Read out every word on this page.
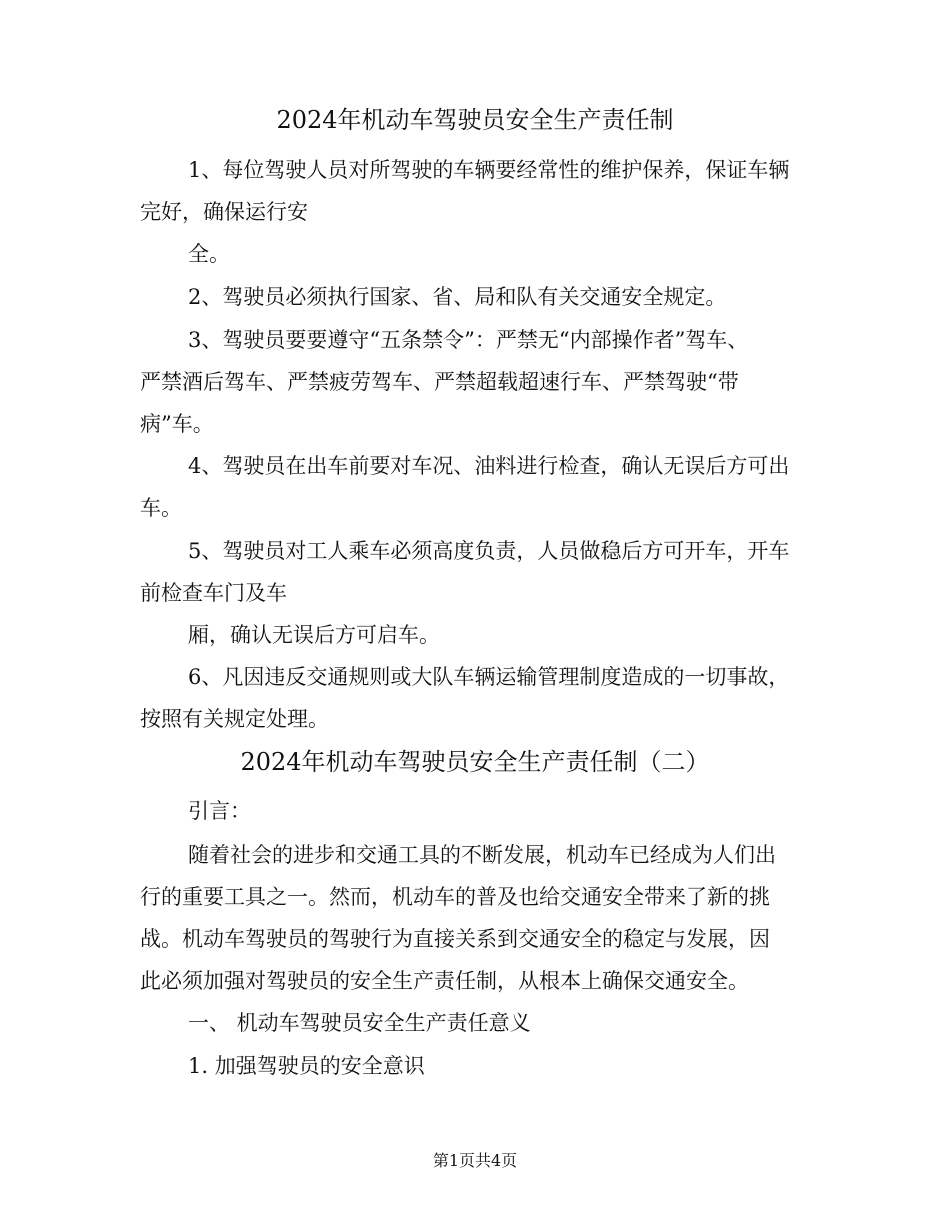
2024年机动车驾驶员安全生产责任制
1、每位驾驶人员对所驾驶的车辆要经常性的维护保养，保证车辆
完好，确保运行安
全。
2、驾驶员必须执行国家、省、局和队有关交通安全规定。
3、驾驶员要要遵守“五条禁令”：严禁无“内部操作者”驾车、
严禁酒后驾车、严禁疲劳驾车、严禁超载超速行车、严禁驾驶“带
病”车。
4、驾驶员在出车前要对车况、油料进行检查，确认无误后方可出
车。
5、驾驶员对工人乘车必须高度负责，人员做稳后方可开车，开车
前检查车门及车
厢，确认无误后方可启车。
6、凡因违反交通规则或大队车辆运输管理制度造成的一切事故，
按照有关规定处理。
2024年机动车驾驶员安全生产责任制（二）
引言：
随着社会的进步和交通工具的不断发展，机动车已经成为人们出
行的重要工具之一。然而，机动车的普及也给交通安全带来了新的挑
战。机动车驾驶员的驾驶行为直接关系到交通安全的稳定与发展，因
此必须加强对驾驶员的安全生产责任制，从根本上确保交通安全。
一、 机动车驾驶员安全生产责任意义
1. 加强驾驶员的安全意识
第1页共4页
